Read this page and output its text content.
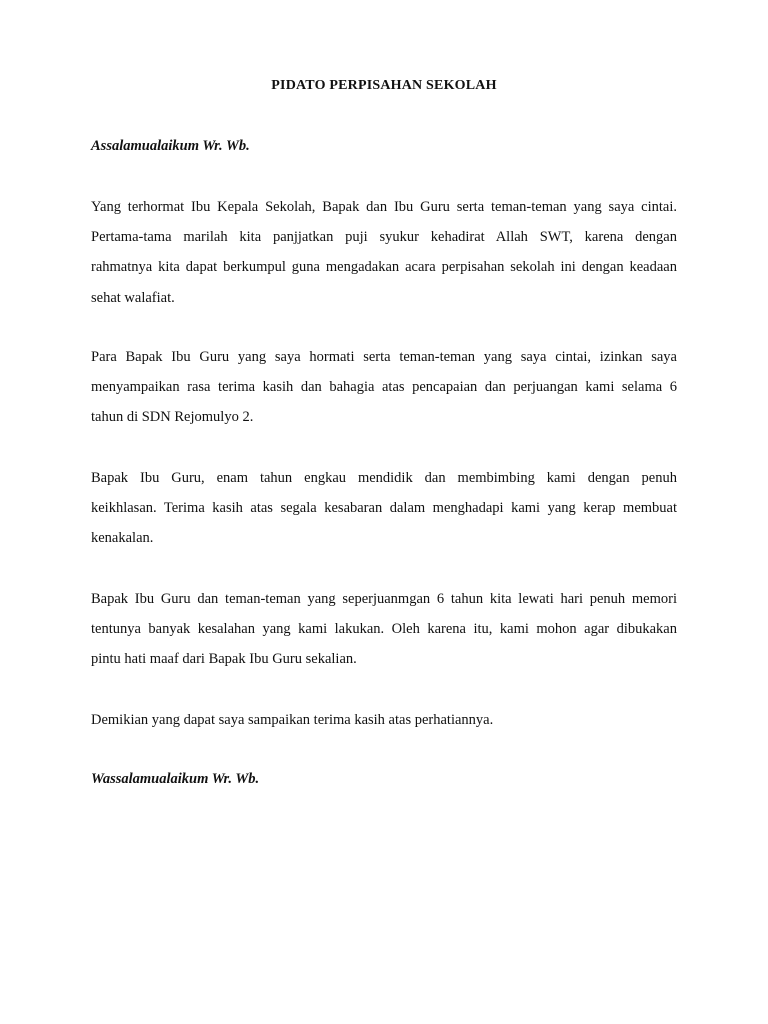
PIDATO PERPISAHAN SEKOLAH
Assalamualaikum Wr. Wb.
Yang terhormat Ibu Kepala Sekolah, Bapak dan Ibu Guru serta teman-teman yang saya cintai.
Pertama-tama marilah kita panjjatkan puji syukur kehadirat Allah SWT, karena dengan
rahmatnya kita dapat berkumpul guna mengadakan acara perpisahan sekolah ini dengan keadaan
sehat walafiat.
Para Bapak Ibu Guru yang saya hormati serta teman-teman yang saya cintai, izinkan saya
menyampaikan rasa terima kasih dan bahagia atas pencapaian dan perjuangan kami selama 6
tahun di SDN Rejomulyo 2.
Bapak Ibu Guru, enam tahun engkau mendidik dan membimbing kami dengan penuh
keikhlasan. Terima kasih atas segala kesabaran dalam menghadapi kami yang kerap membuat
kenakalan.
Bapak Ibu Guru dan teman-teman yang seperjuanmgan 6 tahun kita lewati hari penuh memori
tentunya banyak kesalahan yang kami lakukan. Oleh karena itu, kami mohon agar dibukakan
pintu hati maaf dari Bapak Ibu Guru sekalian.
Demikian yang dapat saya sampaikan terima kasih atas perhatiannya.
Wassalamualaikum Wr. Wb.
